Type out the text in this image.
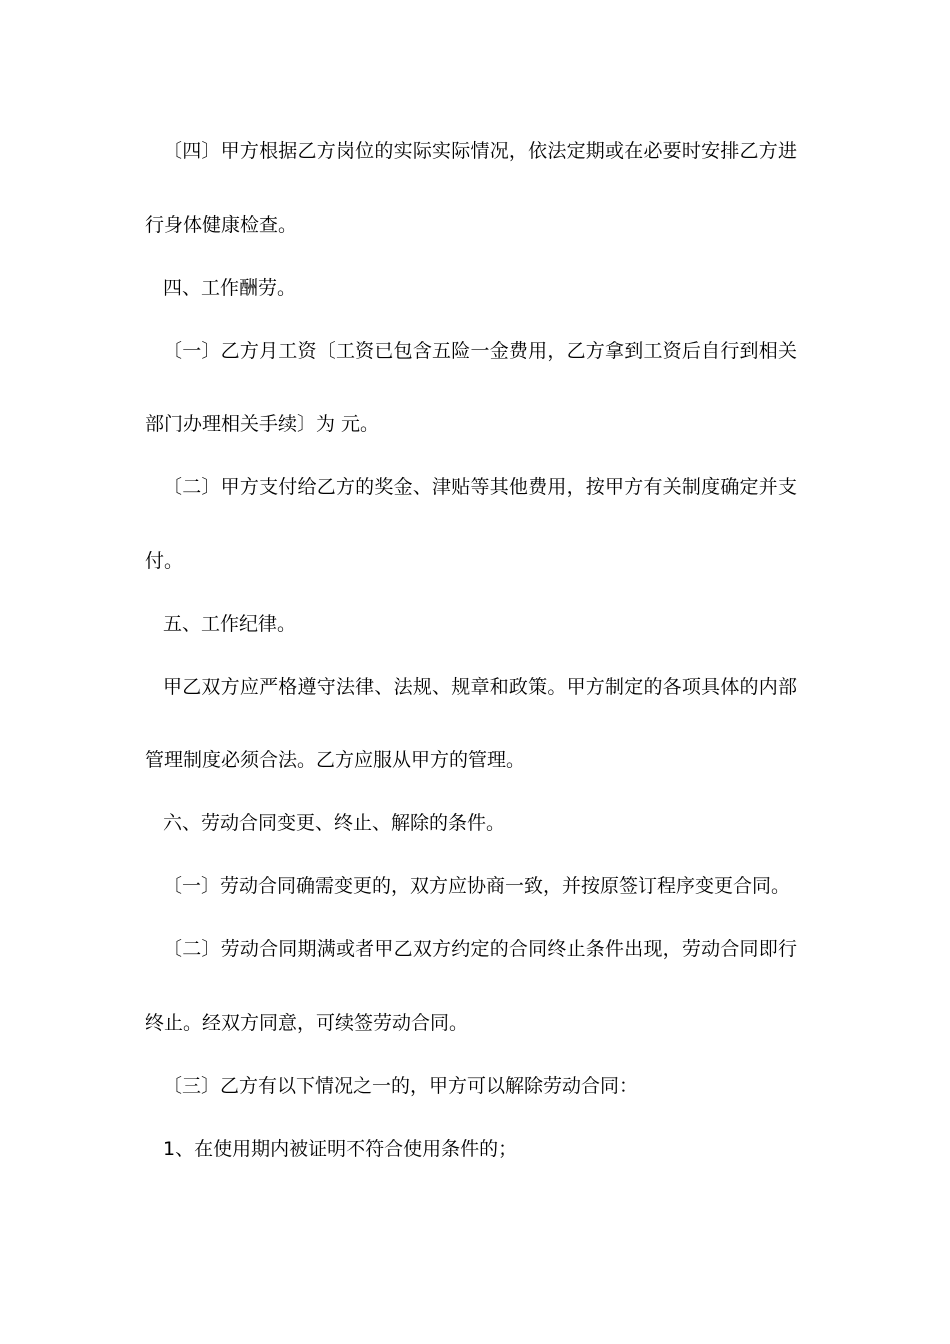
〔四〕甲方根据乙方岗位的实际实际情况，依法定期或在必要时安排乙方进
行身体健康检查。
四、工作酬劳。
〔一〕乙方月工资〔工资已包含五险一金费用，乙方拿到工资后自行到相关
部门办理相关手续〕为 元。
〔二〕甲方支付给乙方的奖金、津贴等其他费用，按甲方有关制度确定并支
付。
五、工作纪律。
甲乙双方应严格遵守法律、法规、规章和政策。甲方制定的各项具体的内部
管理制度必须合法。乙方应服从甲方的管理。
六、劳动合同变更、终止、解除的条件。
〔一〕劳动合同确需变更的，双方应协商一致，并按原签订程序变更合同。
〔二〕劳动合同期满或者甲乙双方约定的合同终止条件出现，劳动合同即行
终止。经双方同意，可续签劳动合同。
〔三〕乙方有以下情况之一的，甲方可以解除劳动合同：
1、在使用期内被证明不符合使用条件的；
